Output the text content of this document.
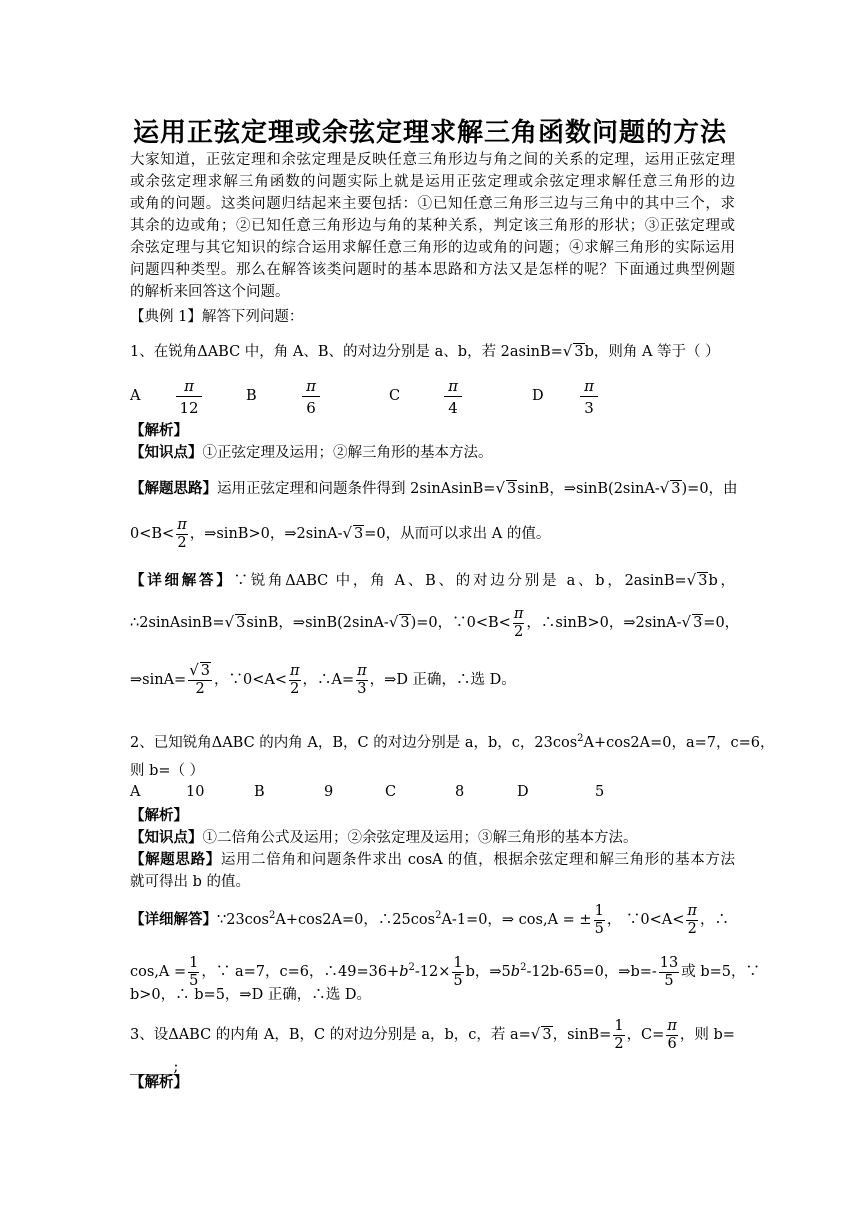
运用正弦定理或余弦定理求解三角函数问题的方法
大家知道，正弦定理和余弦定理是反映任意三角形边与角之间的关系的定理，运用正弦定理
或余弦定理求解三角函数的问题实际上就是运用正弦定理或余弦定理求解任意三角形的边
或角的问题。这类问题归结起来主要包括：①已知任意三角形三边与三角中的其中三个，求
其余的边或角；②已知任意三角形边与角的某种关系，判定该三角形的形状；③正弦定理或
余弦定理与其它知识的综合运用求解任意三角形的边或角的问题；④求解三角形的实际运用
问题四种类型。那么在解答该类问题时的基本思路和方法又是怎样的呢？下面通过典型例题
的解析来回答这个问题。
【典例 1】解答下列问题：
1、在锐角ΔABC 中，角 A、B、的对边分别是 a、b，若 2asinB=√ 3b，则角 A 等于（ ）
A
π
12
B
π
6
C
π
4
D
π
3
【解析】
【知识点】①正弦定理及运用；②解三角形的基本方法。
【解题思路】运用正弦定理和问题条件得到 2sinAsinB=√ 3sinB，⇒sinB(2sinA-√ 3)=0，由
$0<B< \frac{\pi}{2}$ ，⇒sinB>0，⇒2sinA-√ 3=0，从而可以求出 A 的值。
【详细解答】∵锐角ΔABC 中，角 A、B、的对边分别是 a、b，2asinB=√ 3b，
∴2sinAsinB=√ 3sinB，⇒sinB(2sinA-√ 3)=0，∵0<B< $\frac{\pi}{2}$ ，∴sinB>0，⇒2sinA-√ 3=0，
⇒sinA= $\frac{√ 3}{2}$ ，∵0<A< $\frac{\pi}{2}$ ，∴A= $\frac{\pi}{3}$ ，⇒D 正确，∴选 D。
2、已知锐角ΔABC 的内角 A，B，C 的对边分别是 a，b，c，$23\cos^2A+\cos 2A=0$，a=7，c=6，
则 b=（ ）
A	10	B	9	C	8	D	5
【解析】
【知识点】①二倍角公式及运用；②余弦定理及运用；③解三角形的基本方法。
【解题思路】运用二倍角和问题条件求出 cosA 的值，根据余弦定理和解三角形的基本方法
就可得出 b 的值。
【详细解答】$\because 23\cos^2A+\cos 2A=0$，$\therefore 25\cos^2A-1=0$，⇒ cos,A = ± $\frac{1}{5}$ ， ∵0<A< $\frac{\pi}{2}$ ，∴
$\cos,A = \frac{1}{5}$ ，∵ a=7，c=6，$\therefore 49=36+b^2-12\times \frac{1}{5}$ b，$\Rightarrow 5b^2-12b-65=0$，⇒b=- $\frac{13}{5}$ 或 b=5，∵
b>0，∴ b=5，⇒D 正确，∴选 D。
3、设ΔABC 的内角 A，B，C 的对边分别是 a，b，c，若 a=√ 3，$\sin B= \frac{1}{2}$ ，$C= \frac{\pi}{6}$ ，则 b=
______;
【解析】
